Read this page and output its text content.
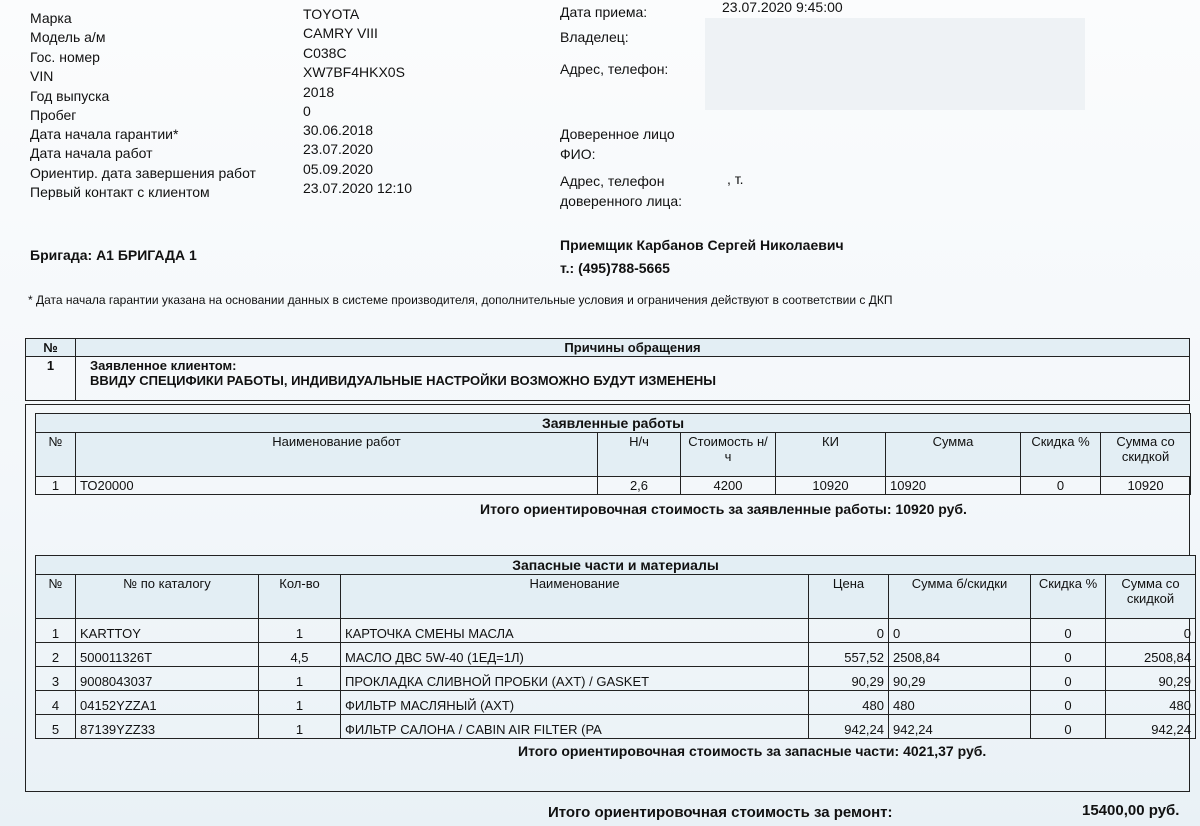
Марка	TOYOTA
Модель а/м	CAMRY VIII
Гос. номер	C038C
VIN	XW7BF4HKX0S
Год выпуска	2018
Пробег	0
Дата начала гарантии*	30.06.2018
Дата начала работ	23.07.2020
Ориентир. дата завершения работ	05.09.2020
Первый контакт с клиентом	23.07.2020 12:10
Дата приема:	23.07.2020 9:45:00
Владелец:
Адрес, телефон:
Доверенное лицо
ФИО:
Адрес, телефон	, т.
доверенного лица:
Бригада: А1 БРИГАДА 1
Приемщик Карбанов Сергей Николаевич
т.: (495)788-5665
* Дата начала гарантии указана на основании данных в системе производителя, дополнительные условия и ограничения действуют в соответствии с ДКП
№	Причины обращения
1	Заявленное клиентом:
ВВИДУ СПЕЦИФИКИ РАБОТЫ, ИНДИВИДУАЛЬНЫЕ НАСТРОЙКИ ВОЗМОЖНО БУДУТ ИЗМЕНЕНЫ
Заявленные работы							
№	Наименование работ	Н/ч	Стоимость н/ч	КИ	Сумма	Скидка %	Сумма со скидкой
1	ТО20000	2,6	4200	10920	10920	0	10920
Итого ориентировочная стоимость за заявленные работы: 10920 руб.
Запасные части и материалы							
№	№ по каталогу	Кол-во	Наименование	Цена	Сумма б/скидки	Скидка %	Сумма со скидкой
1	KARTTOY	1	КАРТОЧКА СМЕНЫ МАСЛА	0	0	0	0
2	500011326T	4,5	МАСЛО ДВС 5W-40 (1ЕД=1Л)	557,52	2508,84	0	2508,84
3	9008043037	1	ПРОКЛАДКА СЛИВНОЙ ПРОБКИ (AXT) / GASKET	90,29	90,29	0	90,29
4	04152YZZA1	1	ФИЛЬТР МАСЛЯНЫЙ (AXT)	480	480	0	480
5	87139YZZ33	1	ФИЛЬТР САЛОНА / CABIN AIR FILTER (PA	942,24	942,24	0	942,24
Итого ориентировочная стоимость за запасные части: 4021,37 руб.
Итого ориентировочная стоимость за ремонт:	15400,00 руб.
